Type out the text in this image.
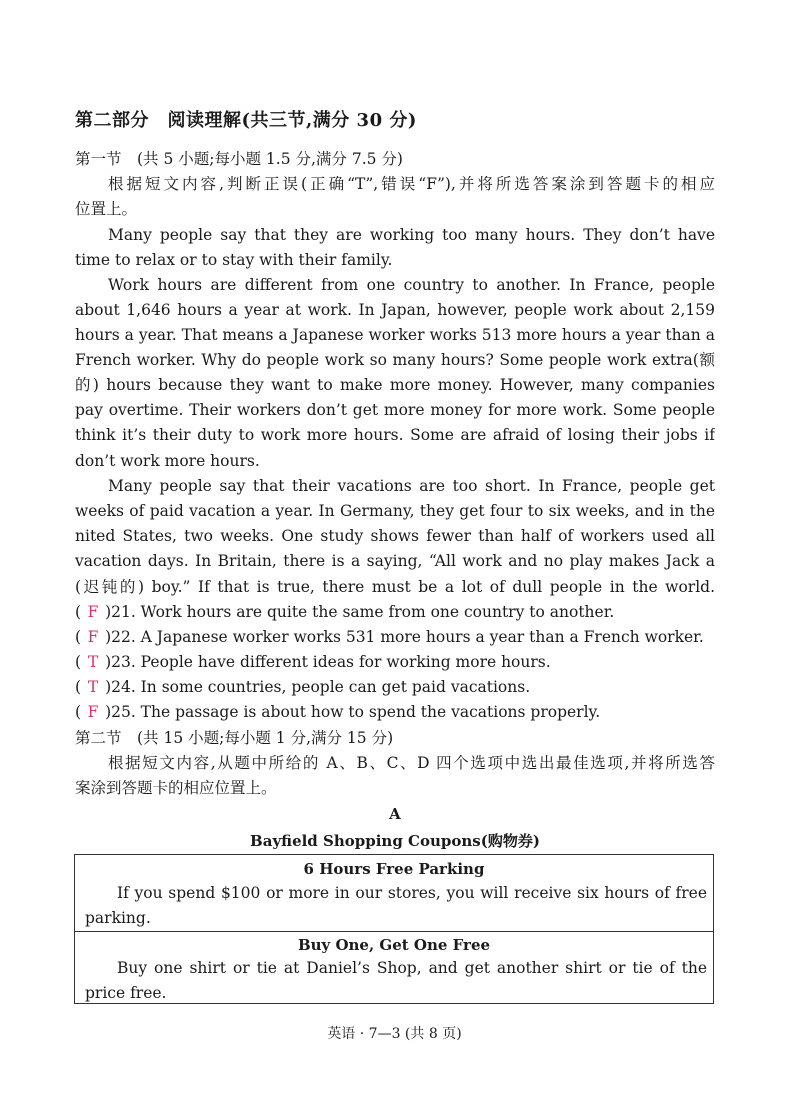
第二部分　阅读理解(共三节,满分 30 分)
第一节　(共 5 小题;每小题 1.5 分,满分 7.5 分)
根据短文内容,判断正误(正确“T”,错误“F”),并将所选答案涂到答题卡的相应
位置上。
Many people say that they are working too many hours. They don’t have
time to relax or to stay with their family.
Work hours are different from one country to another. In France, people
about 1,646 hours a year at work. In Japan, however, people work about 2,159
hours a year. That means a Japanese worker works 513 more hours a year than a
French worker. Why do people work so many hours? Some people work extra(额
的) hours because they want to make more money. However, many companies
pay overtime. Their workers don’t get more money for more work. Some people
think it’s their duty to work more hours. Some are afraid of losing their jobs if
don’t work more hours.
Many people say that their vacations are too short. In France, people get
weeks of paid vacation a year. In Germany, they get four to six weeks, and in the
nited States, two weeks. One study shows fewer than half of workers used all
vacation days. In Britain, there is a saying, “All work and no play makes Jack a
(迟钝的) boy.” If that is true, there must be a lot of dull people in the world.
( F )21. Work hours are quite the same from one country to another.
( F )22. A Japanese worker works 531 more hours a year than a French worker.
( T )23. People have different ideas for working more hours.
( T )24. In some countries, people can get paid vacations.
( F )25. The passage is about how to spend the vacations properly.
第二节　(共 15 小题;每小题 1 分,满分 15 分)
根据短文内容,从题中所给的 A、B、C、D 四个选项中选出最佳选项,并将所选答
案涂到答题卡的相应位置上。
A
Bayfield Shopping Coupons(购物券)
6 Hours Free Parking
If you spend $100 or more in our stores, you will receive six hours of free
parking.
Buy One, Get One Free
Buy one shirt or tie at Daniel’s Shop, and get another shirt or tie of the
price free.
英语 · 7—3 (共 8 页)
